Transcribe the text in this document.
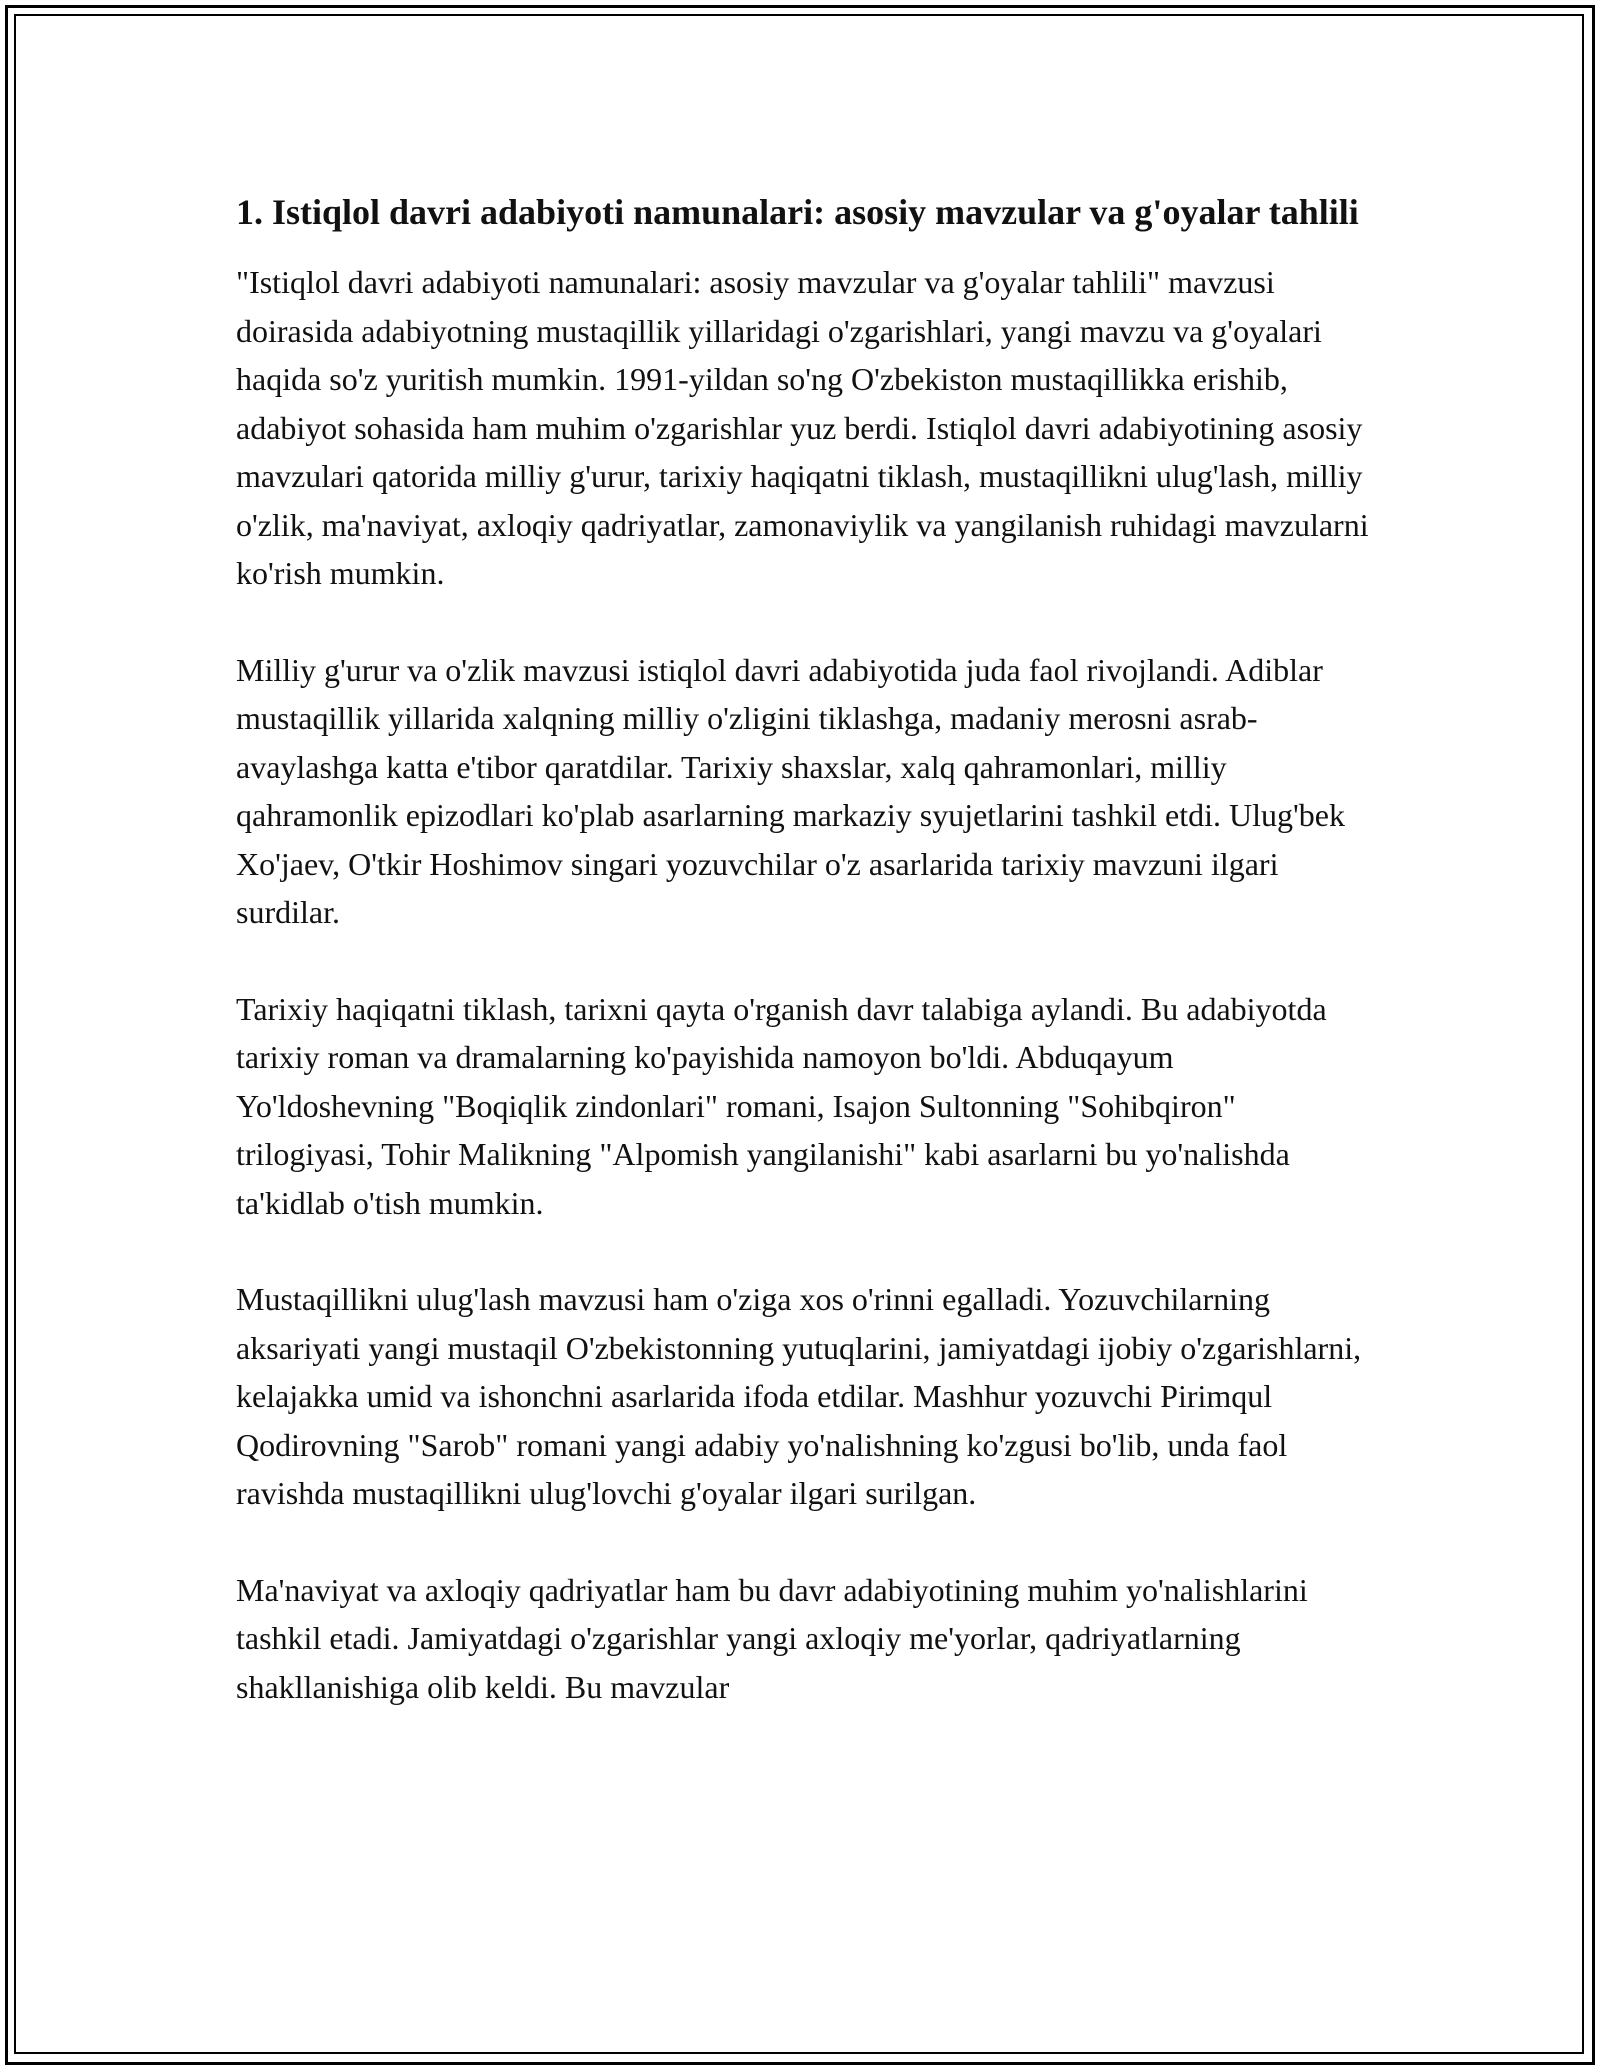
1. Istiqlol davri adabiyoti namunalari: asosiy mavzular va g'oyalar tahlili

"Istiqlol davri adabiyoti namunalari: asosiy mavzular va g'oyalar tahlili" mavzusi doirasida adabiyotning mustaqillik yillaridagi o'zgarishlari, yangi mavzu va g'oyalari haqida so'z yuritish mumkin. 1991-yildan so'ng O'zbekiston mustaqillikka erishib, adabiyot sohasida ham muhim o'zgarishlar yuz berdi. Istiqlol davri adabiyotining asosiy mavzulari qatorida milliy g'urur, tarixiy haqiqatni tiklash, mustaqillikni ulug'lash, milliy o'zlik, ma'naviyat, axloqiy qadriyatlar, zamonaviylik va yangilanish ruhidagi mavzularni ko'rish mumkin.

Milliy g'urur va o'zlik mavzusi istiqlol davri adabiyotida juda faol rivojlandi. Adiblar mustaqillik yillarida xalqning milliy o'zligini tiklashga, madaniy merosni asrab-avaylashga katta e'tibor qaratdilar. Tarixiy shaxslar, xalq qahramonlari, milliy qahramonlik epizodlari ko'plab asarlarning markaziy syujetlarini tashkil etdi. Ulug'bek Xo'jaev, O'tkir Hoshimov singari yozuvchilar o'z asarlarida tarixiy mavzuni ilgari surdilar.

Tarixiy haqiqatni tiklash, tarixni qayta o'rganish davr talabiga aylandi. Bu adabiyotda tarixiy roman va dramalarning ko'payishida namoyon bo'ldi. Abduqayum Yo'ldoshevning "Boqiqlik zindonlari" romani, Isajon Sultonning "Sohibqiron" trilogiyasi, Tohir Malikning "Alpomish yangilanishi" kabi asarlarni bu yo'nalishda ta'kidlab o'tish mumkin.

Mustaqillikni ulug'lash mavzusi ham o'ziga xos o'rinni egalladi. Yozuvchilarning aksariyati yangi mustaqil O'zbekistonning yutuqlarini, jamiyatdagi ijobiy o'zgarishlarni, kelajakka umid va ishonchni asarlarida ifoda etdilar. Mashhur yozuvchi Pirimqul Qodirovning "Sarob" romani yangi adabiy yo'nalishning ko'zgusi bo'lib, unda faol ravishda mustaqillikni ulug'lovchi g'oyalar ilgari surilgan.

Ma'naviyat va axloqiy qadriyatlar ham bu davr adabiyotining muhim yo'nalishlarini tashkil etadi. Jamiyatdagi o'zgarishlar yangi axloqiy me'yorlar, qadriyatlarning shakllanishiga olib keldi. Bu mavzular
